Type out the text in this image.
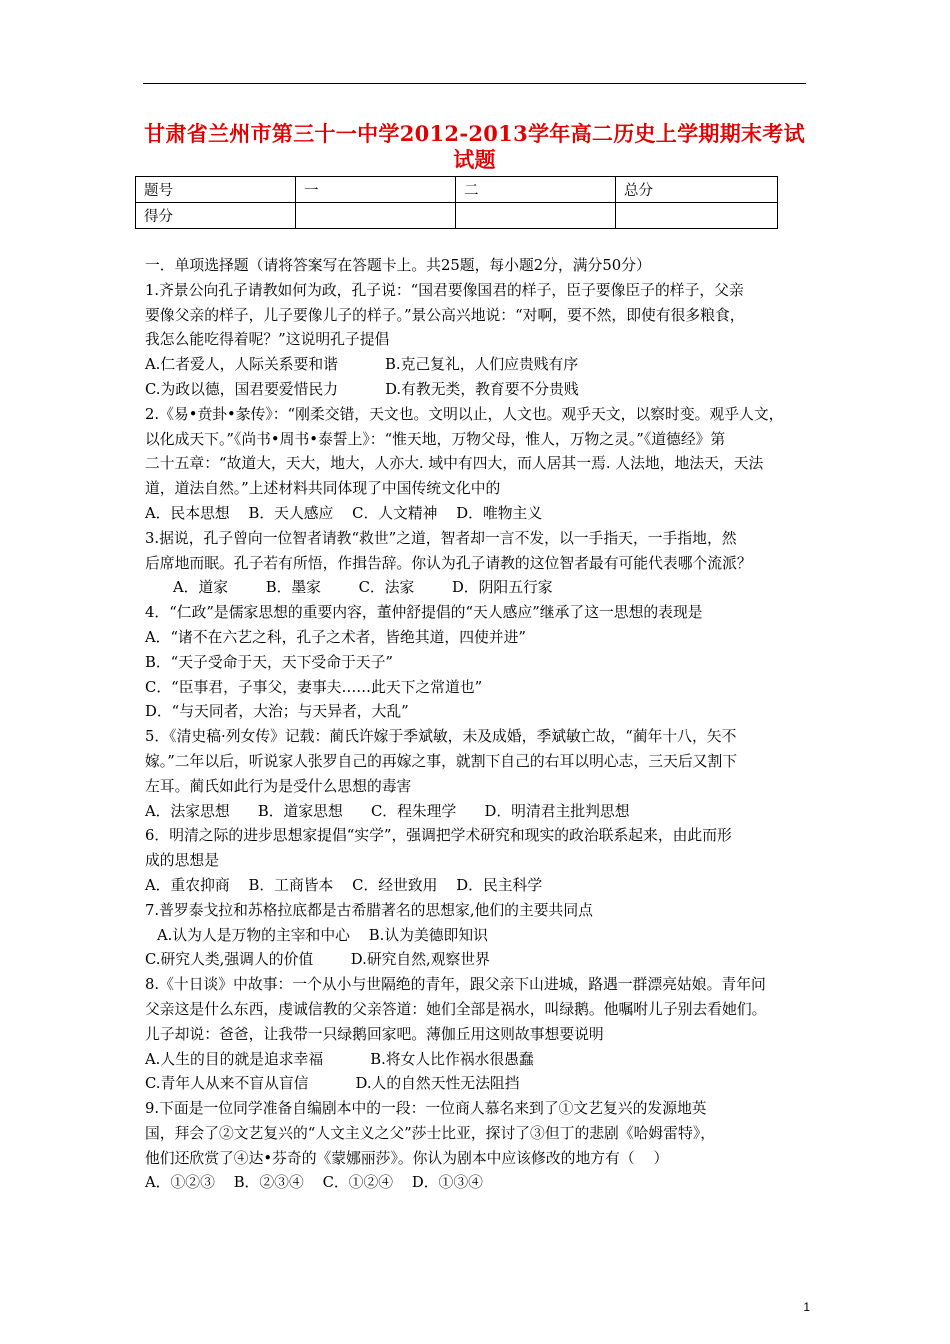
甘肃省兰州市第三十一中学2012-2013学年高二历史上学期期末考试试题
题号	一	二	总分
得分			

一．单项选择题（请将答案写在答题卡上。共25题，每小题2分，满分50分）

1.齐景公向孔子请教如何为政，孔子说：“国君要像国君的样子，臣子要像臣子的样子，父亲

要像父亲的样子，儿子要像儿子的样子。”景公高兴地说：“对啊，要不然，即使有很多粮食，

我怎么能吃得着呢？”这说明孔子提倡

A.仁者爱人，人际关系要和谐          B.克己复礼，人们应贵贱有序

C.为政以德，国君要爱惜民力          D.有教无类，教育要不分贵贱

2.《易•贲卦•彖传》：“刚柔交错，天文也。文明以止，人文也。观乎天文，以察时变。观乎人文，

以化成天下。”《尚书•周书•泰誓上》：“惟天地，万物父母，惟人，万物之灵。”《道德经》第

二十五章：“故道大，天大，地大，人亦大. 域中有四大，而人居其一焉. 人法地，地法天，天法

道，道法自然。”上述材料共同体现了中国传统文化中的

A．民本思想    B．天人感应    C．人文精神    D．唯物主义

3.据说，孔子曾向一位智者请教“救世”之道，智者却一言不发，以一手指天，一手指地，然

后席地而眠。孔子若有所悟，作揖告辞。你认为孔子请教的这位智者最有可能代表哪个流派？

A．道家        B．墨家        C．法家        D．阴阳五行家

4．“仁政”是儒家思想的重要内容，董仲舒提倡的“天人感应”继承了这一思想的表现是

A．“诸不在六艺之科，孔子之术者，皆绝其道，四使并进”

B．“天子受命于天，天下受命于天子”

C．“臣事君，子事父，妻事夫……此天下之常道也”

D．“与天同者，大治；与天异者，大乱”

5．《清史稿·列女传》记载：蔺氏许嫁于季斌敏，未及成婚，季斌敏亡故，“蔺年十八，矢不

嫁。”二年以后，听说家人张罗自己的再嫁之事，就割下自己的右耳以明心志，三天后又割下

左耳。蔺氏如此行为是受什么思想的毒害

A．法家思想      B．道家思想      C．程朱理学      D．明清君主批判思想

6．明清之际的进步思想家提倡“实学”，强调把学术研究和现实的政治联系起来，由此而形

成的思想是

A．重农抑商    B．工商皆本    C．经世致用    D．民主科学

7.普罗泰戈拉和苏格拉底都是古希腊著名的思想家,他们的主要共同点

A.认为人是万物的主宰和中心    B.认为美德即知识

C.研究人类,强调人的价值        D.研究自然,观察世界

8.《十日谈》中故事：一个从小与世隔绝的青年，跟父亲下山进城，路遇一群漂亮姑娘。青年问

父亲这是什么东西，虔诚信教的父亲答道：她们全部是祸水，叫绿鹅。他嘱咐儿子别去看她们。

儿子却说：爸爸，让我带一只绿鹅回家吧。薄伽丘用这则故事想要说明

A.人生的目的就是追求幸福          B.将女人比作祸水很愚蠢

C.青年人从来不盲从盲信          D.人的自然天性无法阻挡

9.下面是一位同学准备自编剧本中的一段：一位商人慕名来到了①文艺复兴的发源地英

国，拜会了②文艺复兴的“人文主义之父”莎士比亚，探讨了③但丁的悲剧《哈姆雷特》，

他们还欣赏了④达•芬奇的《蒙娜丽莎》。你认为剧本中应该修改的地方有（    ）

A．①②③    B．②③④    C．①②④    D．①③④

1
